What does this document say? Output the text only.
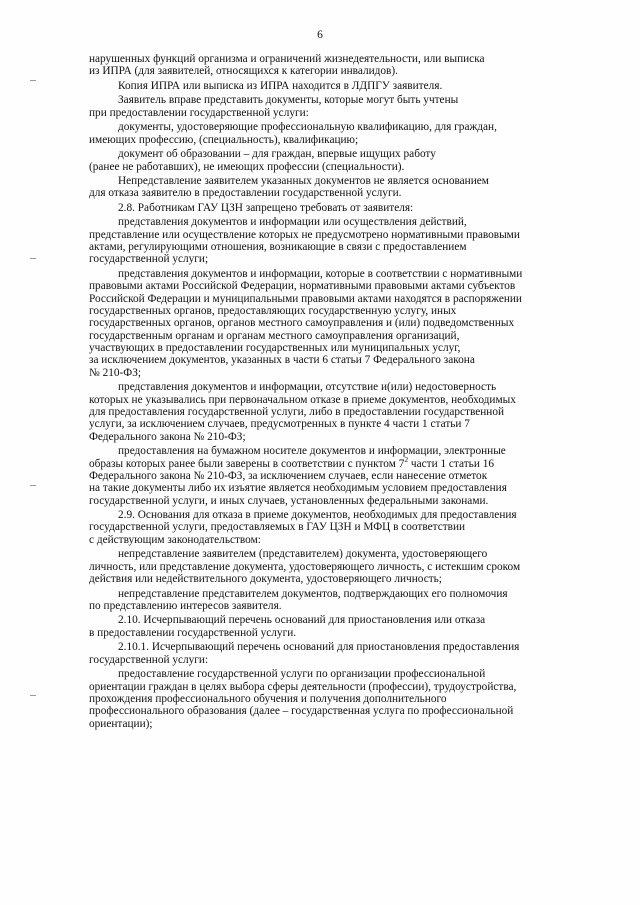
6

нарушенных функций организма и ограничений жизнедеятельности, или выписка
из ИПРА (для заявителей, относящихся к категории инвалидов).

Копия ИПРА или выписка из ИПРА находится в ЛДПГУ заявителя.

Заявитель вправе представить документы, которые могут быть учтены
при предоставлении государственной услуги:

документы, удостоверяющие профессиональную квалификацию, для граждан,
имеющих профессию, (специальность), квалификацию;

документ об образовании – для граждан, впервые ищущих работу
(ранее не работавших), не имеющих профессии (специальности).

Непредставление заявителем указанных документов не является основанием
для отказа заявителю в предоставлении государственной услуги.

2.8. Работникам ГАУ ЦЗН запрещено требовать от заявителя:

представления документов и информации или осуществления действий,
представление или осуществление которых не предусмотрено нормативными правовыми
актами, регулирующими отношения, возникающие в связи с предоставлением
государственной услуги;

представления документов и информации, которые в соответствии с нормативными
правовыми актами Российской Федерации, нормативными правовыми актами субъектов
Российской Федерации и муниципальными правовыми актами находятся в распоряжении
государственных органов, предоставляющих государственную услугу, иных
государственных органов, органов местного самоуправления и (или) подведомственных
государственным органам и органам местного самоуправления организаций,
участвующих в предоставлении государственных или муниципальных услуг,
за исключением документов, указанных в части 6 статьи 7 Федерального закона
№ 210-ФЗ;

представления документов и информации, отсутствие и(или) недостоверность
которых не указывались при первоначальном отказе в приеме документов, необходимых
для предоставления государственной услуги, либо в предоставлении государственной
услуги, за исключением случаев, предусмотренных в пункте 4 части 1 статьи 7
Федерального закона № 210-ФЗ;

предоставления на бумажном носителе документов и информации, электронные
образы которых ранее были заверены в соответствии с пунктом $7^2$ части 1 статьи 16
Федерального закона № 210-ФЗ, за исключением случаев, если нанесение отметок
на такие документы либо их изъятие является необходимым условием предоставления
государственной услуги, и иных случаев, установленных федеральными законами.

2.9. Основания для отказа в приеме документов, необходимых для предоставления
государственной услуги, предоставляемых в ГАУ ЦЗН и МФЦ в соответствии
с действующим законодательством:

непредставление заявителем (представителем) документа, удостоверяющего
личность, или представление документа, удостоверяющего личность, с истекшим сроком
действия или недействительного документа, удостоверяющего личность;

непредставление представителем документов, подтверждающих его полномочия
по представлению интересов заявителя.

2.10. Исчерпывающий перечень оснований для приостановления или отказа
в предоставлении государственной услуги.

2.10.1. Исчерпывающий перечень оснований для приостановления предоставления
государственной услуги:

предоставление государственной услуги по организации профессиональной
ориентации граждан в целях выбора сферы деятельности (профессии), трудоустройства,
прохождения профессионального обучения и получения дополнительного
профессионального образования (далее – государственная услуга по профессиональной
ориентации);
